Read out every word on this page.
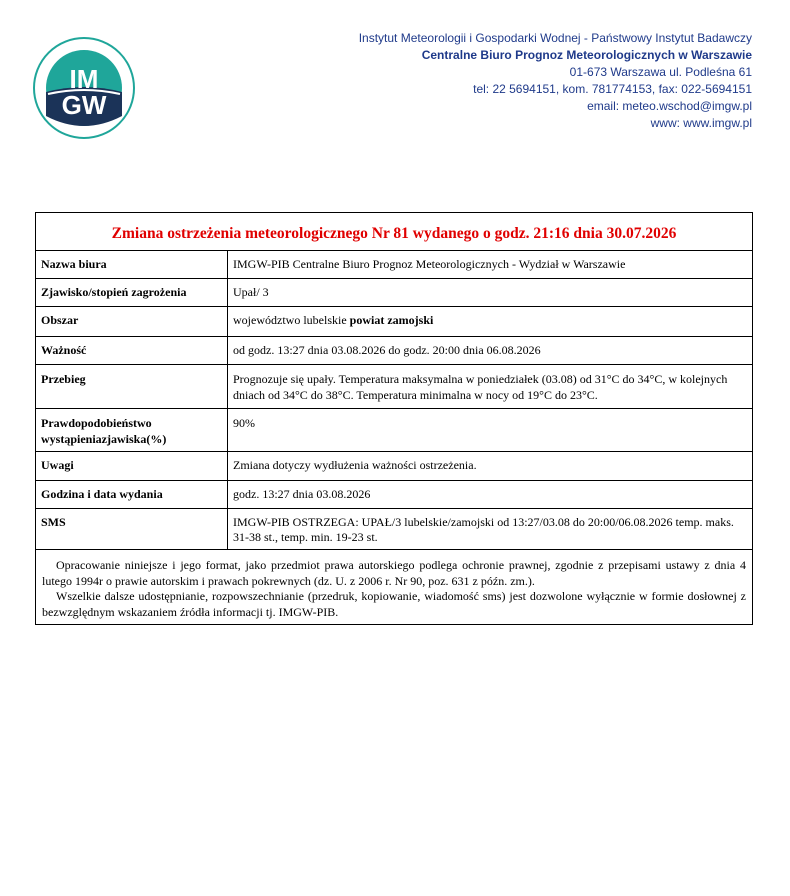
IM
GW
Instytut Meteorologii i Gospodarki Wodnej - Państwowy Instytut Badawczy
Centralne Biuro Prognoz Meteorologicznych w Warszawie
01-673 Warszawa ul. Podleśna 61
tel: 22 5694151, kom. 781774153, fax: 022-5694151
email: meteo.wschod@imgw.pl
www: www.imgw.pl
Zmiana ostrzeżenia meteorologicznego Nr 81 wydanego o godz. 21:16 dnia 30.07.2026	
Nazwa biura	IMGW-PIB Centralne Biuro Prognoz Meteorologicznych - Wydział w Warszawie
Zjawisko/stopień zagrożenia	Upał/ 3
Obszar	województwo lubelskie powiat zamojski
Ważność	od godz. 13:27 dnia 03.08.2026 do godz. 20:00 dnia 06.08.2026
Przebieg	Prognozuje się upały. Temperatura maksymalna w poniedziałek (03.08) od 31°C do 34°C, w kolejnych dniach od 34°C do 38°C. Temperatura minimalna w nocy od 19°C do 23°C.
Prawdopodobieństwo wystąpieniazjawiska(%)	90%
Uwagi	Zmiana dotyczy wydłużenia ważności ostrzeżenia.
Godzina i data wydania	godz. 13:27 dnia 03.08.2026
SMS	IMGW-PIB OSTRZEGA: UPAŁ/3 lubelskie/zamojski od 13:27/03.08 do 20:00/06.08.2026 temp. maks. 31-38 st., temp. min. 19-23 st.

Opracowanie niniejsze i jego format, jako przedmiot prawa autorskiego podlega ochronie prawnej, zgodnie z przepisami ustawy z dnia 4 lutego 1994r o prawie autorskim i prawach pokrewnych (dz. U. z 2006 r. Nr 90, poz. 631 z późn. zm.).
Wszelkie dalsze udostępnianie, rozpowszechnianie (przedruk, kopiowanie, wiadomość sms) jest dozwolone wyłącznie w formie dosłownej z bezwzględnym wskazaniem źródła informacji tj. IMGW-PIB.	
